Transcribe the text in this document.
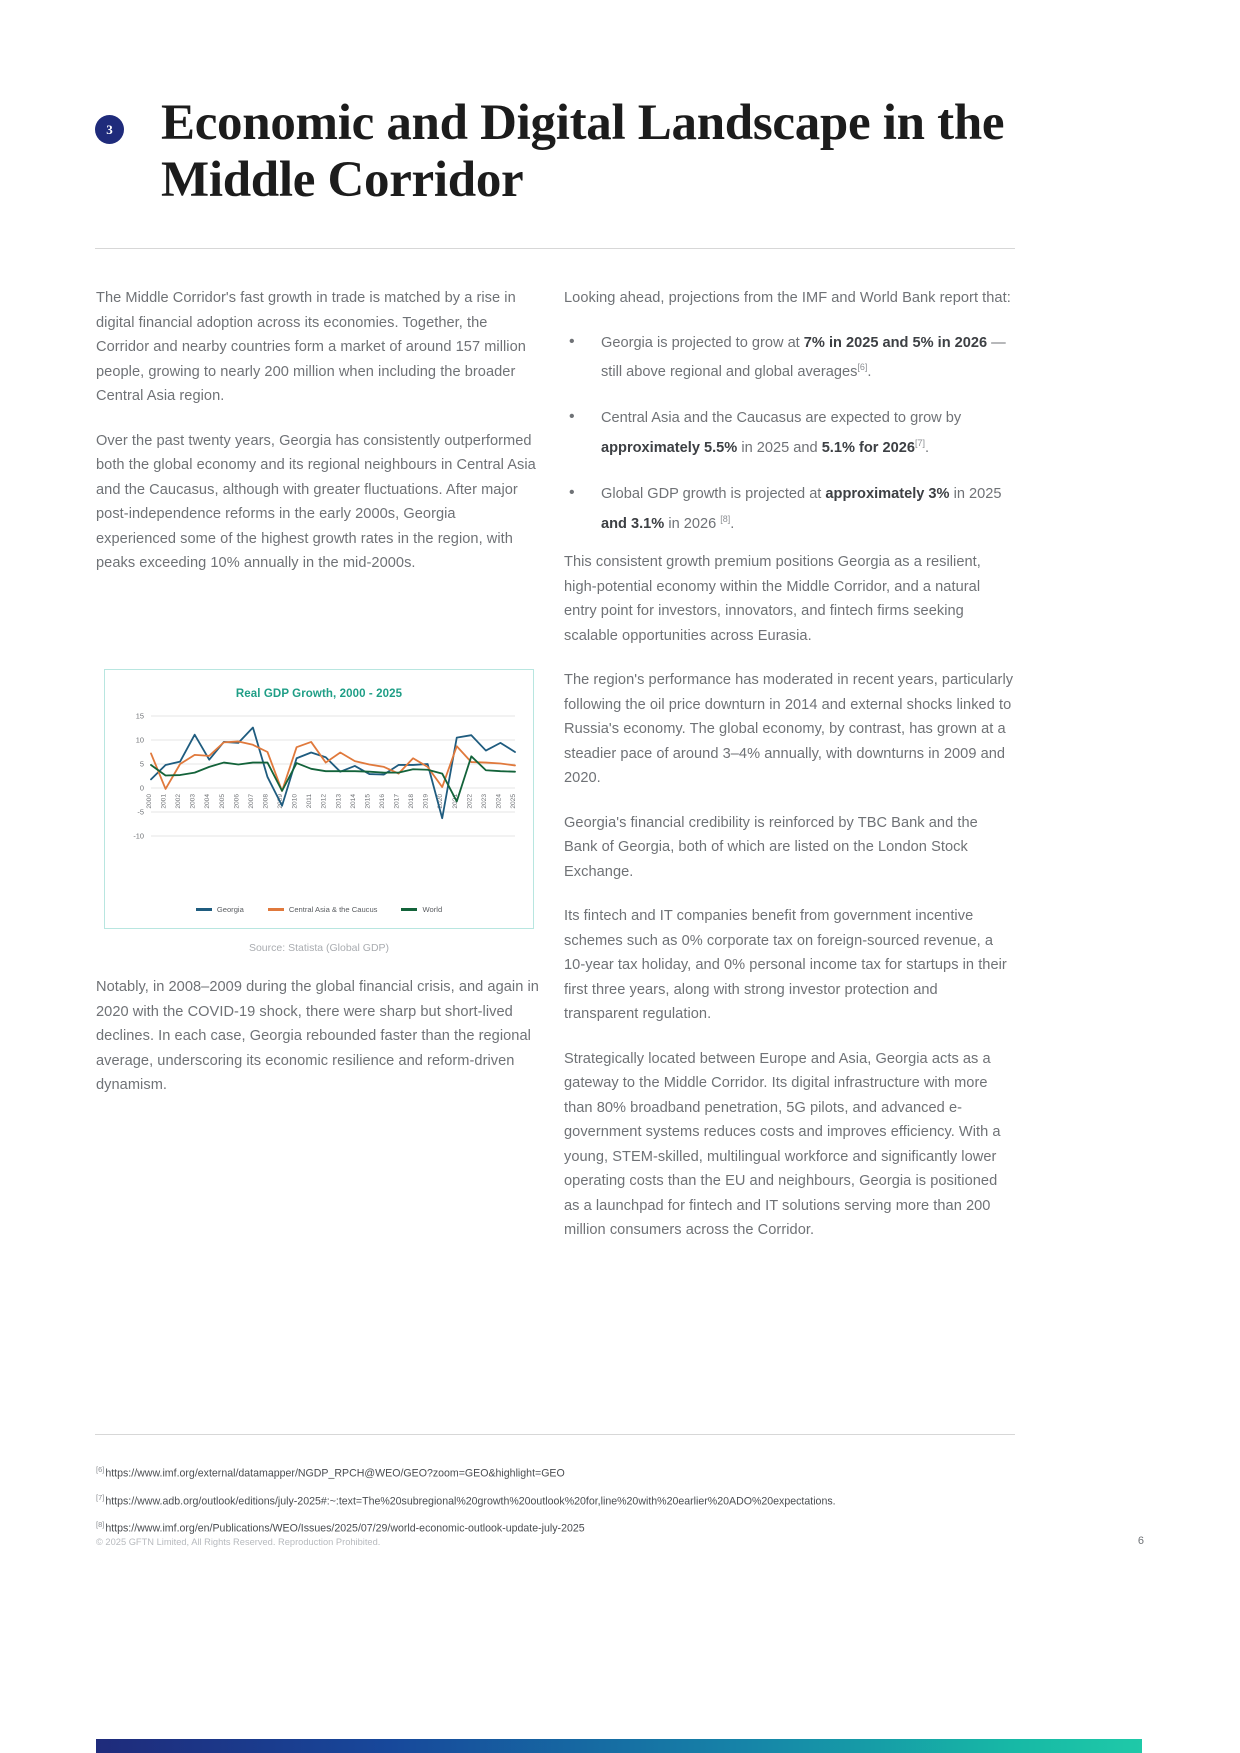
3 Economic and Digital Landscape in the Middle Corridor

The Middle Corridor's fast growth in trade is matched by a rise in digital financial adoption across its economies. Together, the Corridor and nearby countries form a market of around 157 million people, growing to nearly 200 million when including the broader Central Asia region.

Over the past twenty years, Georgia has consistently outperformed both the global economy and its regional neighbours in Central Asia and the Caucasus, although with greater fluctuations. After major post-independence reforms in the early 2000s, Georgia experienced some of the highest growth rates in the region, with peaks exceeding 10% annually in the mid-2000s.

Real GDP Growth, 2000 - 2025
15
10
5
0
-5
-10
2000 2001 2002 2003 2004 2005 2006 2007 2008 2009 2010 2011 2012 2013 2014 2015 2016 2017 2018 2019 2020 2021 2022 2023 2024 2025
Georgia	Central Asia & the Caucus	World
Source: Statista (Global GDP)

Notably, in 2008–2009 during the global financial crisis, and again in 2020 with the COVID-19 shock, there were sharp but short-lived declines. In each case, Georgia rebounded faster than the regional average, underscoring its economic resilience and reform-driven dynamism.

Looking ahead, projections from the IMF and World Bank report that:

• Georgia is projected to grow at 7% in 2025 and 5% in 2026 — still above regional and global averages[6].
• Central Asia and the Caucasus are expected to grow by approximately 5.5% in 2025 and 5.1% for 2026[7].
• Global GDP growth is projected at approximately 3% in 2025 and 3.1% in 2026 [8].

This consistent growth premium positions Georgia as a resilient, high-potential economy within the Middle Corridor, and a natural entry point for investors, innovators, and fintech firms seeking scalable opportunities across Eurasia.

The region's performance has moderated in recent years, particularly following the oil price downturn in 2014 and external shocks linked to Russia's economy. The global economy, by contrast, has grown at a steadier pace of around 3–4% annually, with downturns in 2009 and 2020.

Georgia's financial credibility is reinforced by TBC Bank and the Bank of Georgia, both of which are listed on the London Stock Exchange.

Its fintech and IT companies benefit from government incentive schemes such as 0% corporate tax on foreign-sourced revenue, a 10-year tax holiday, and 0% personal income tax for startups in their first three years, along with strong investor protection and transparent regulation.

Strategically located between Europe and Asia, Georgia acts as a gateway to the Middle Corridor. Its digital infrastructure with more than 80% broadband penetration, 5G pilots, and advanced e-government systems reduces costs and improves efficiency. With a young, STEM-skilled, multilingual workforce and significantly lower operating costs than the EU and neighbours, Georgia is positioned as a launchpad for fintech and IT solutions serving more than 200 million consumers across the Corridor.

[6]https://www.imf.org/external/datamapper/NGDP_RPCH@WEO/GEO?zoom=GEO&highlight=GEO
[7]https://www.adb.org/outlook/editions/july-2025#:~:text=The%20subregional%20growth%20outlook%20for,line%20with%20earlier%20ADO%20expectations.
[8]https://www.imf.org/en/Publications/WEO/Issues/2025/07/29/world-economic-outlook-update-july-2025
© 2025 GFTN Limited, All Rights Reserved. Reproduction Prohibited.	6
